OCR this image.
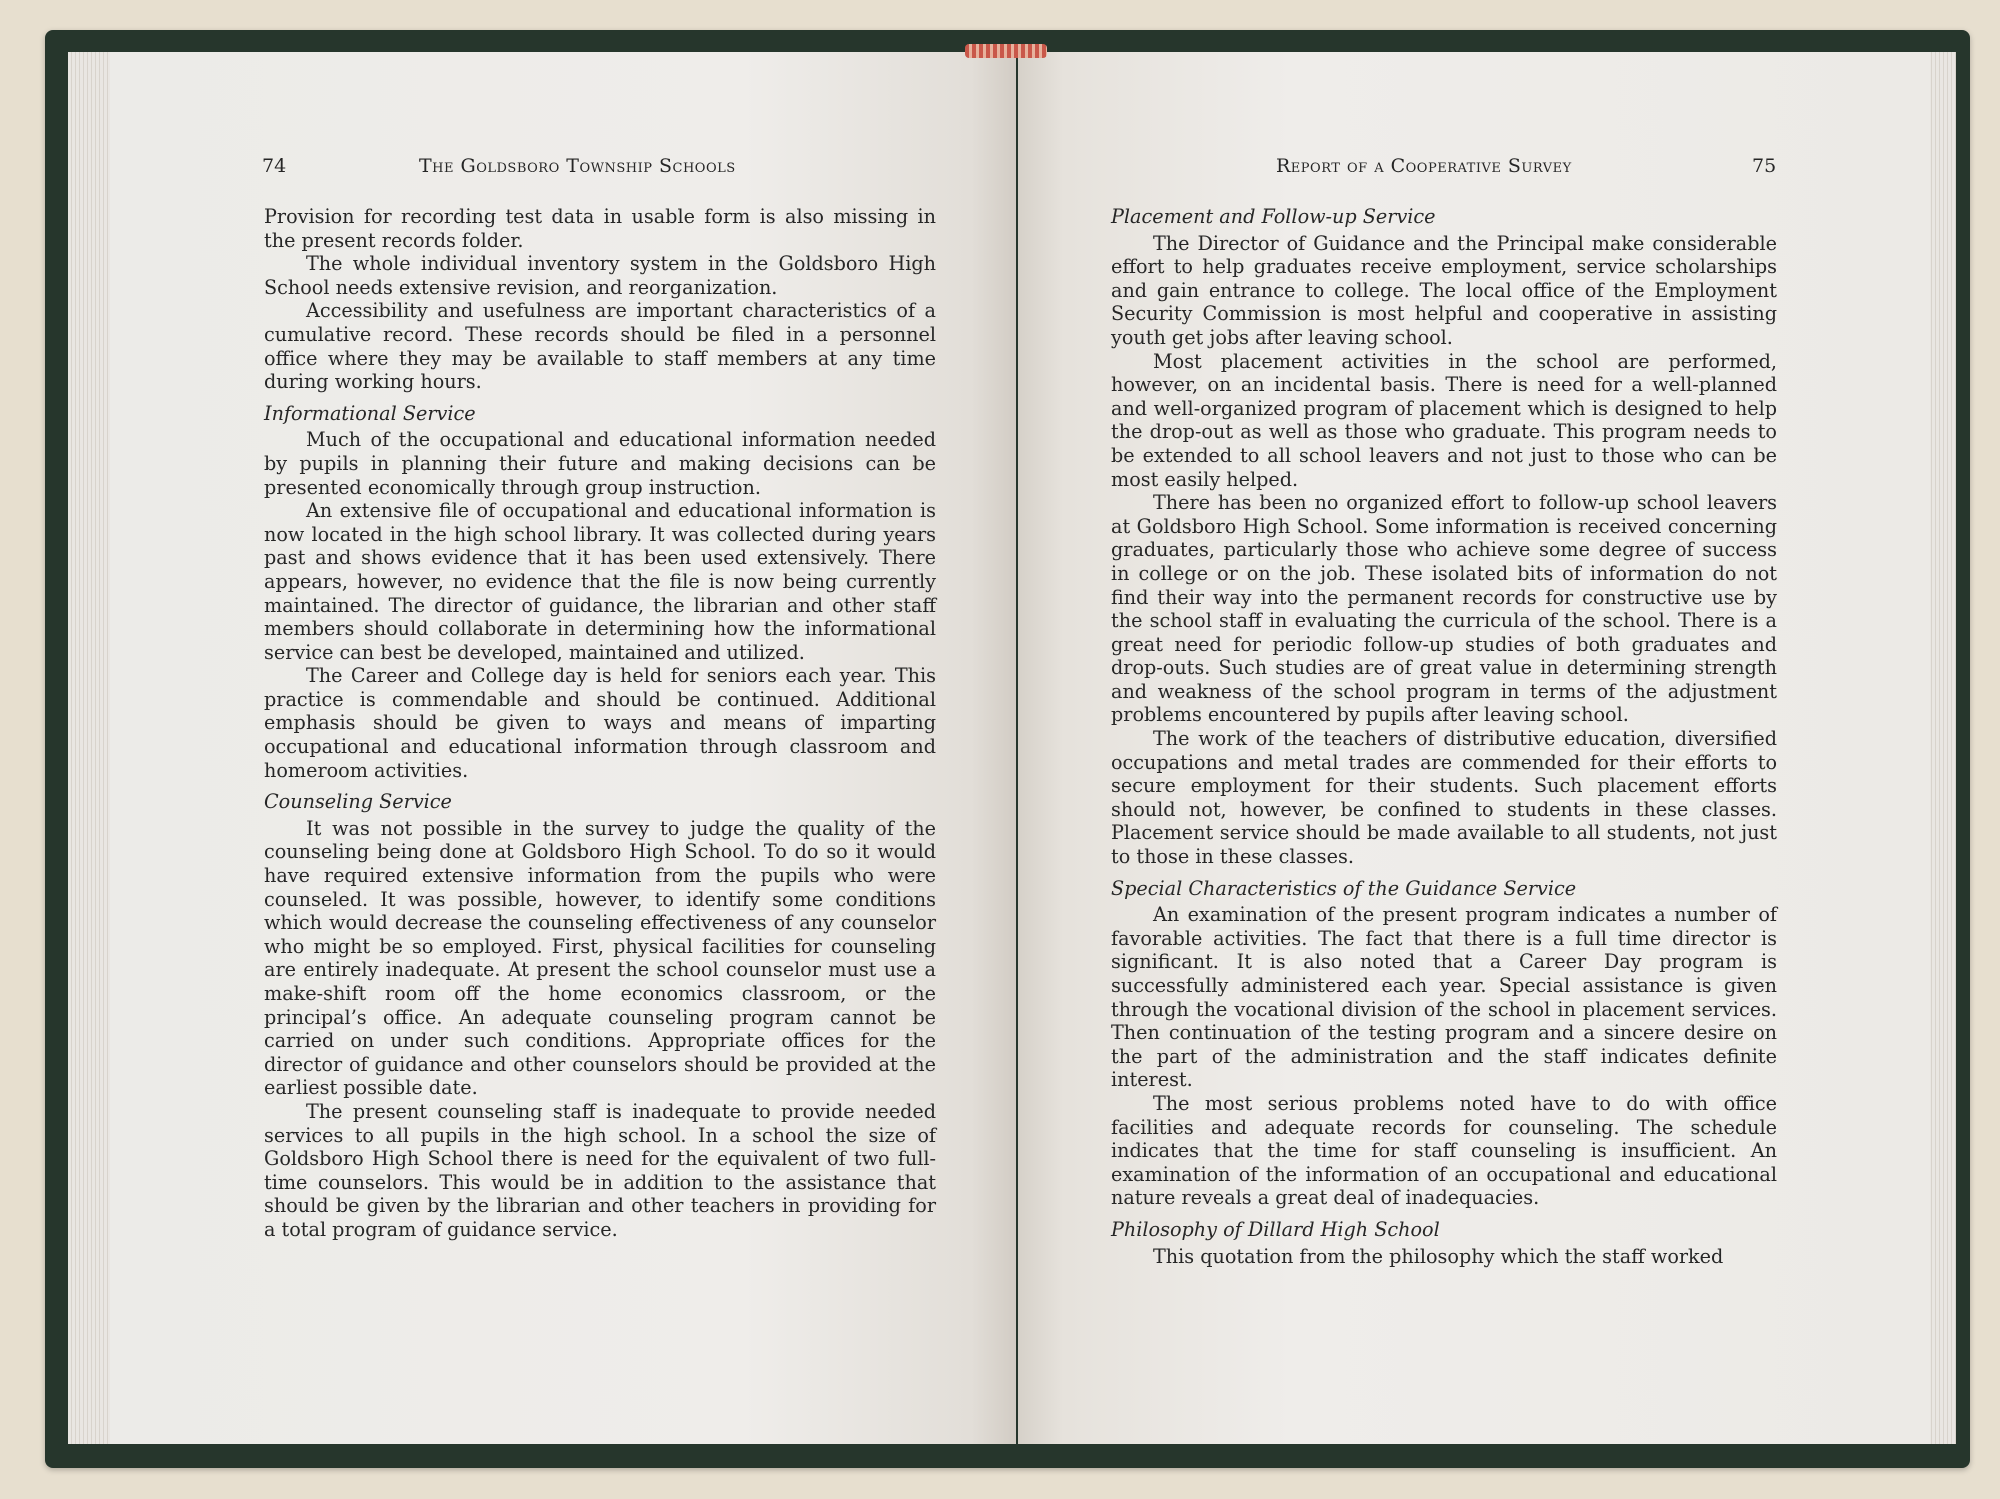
74	The Goldsboro Township Schools

Provision for recording test data in usable form is also missing in the present records folder.

The whole individual inventory system in the Goldsboro High School needs extensive revision, and reorganization.

Accessibility and usefulness are important characteristics of a cumulative record. These records should be filed in a personnel office where they may be available to staff members at any time during working hours.

Informational Service

Much of the occupational and educational information needed by pupils in planning their future and making decisions can be presented economically through group instruction.

An extensive file of occupational and educational information is now located in the high school library. It was collected during years past and shows evidence that it has been used extensively. There appears, however, no evidence that the file is now being currently maintained. The director of guidance, the librarian and other staff members should collaborate in determining how the informational service can best be developed, maintained and utilized.

The Career and College day is held for seniors each year. This practice is commendable and should be continued. Additional emphasis should be given to ways and means of imparting occupational and educational information through classroom and homeroom activities.

Counseling Service

It was not possible in the survey to judge the quality of the counseling being done at Goldsboro High School. To do so it would have required extensive information from the pupils who were counseled. It was possible, however, to identify some conditions which would decrease the counseling effectiveness of any counselor who might be so employed. First, physical facilities for counseling are entirely inadequate. At present the school counselor must use a make-shift room off the home economics classroom, or the principal’s office. An adequate counseling program cannot be carried on under such conditions. Appropriate offices for the director of guidance and other counselors should be provided at the earliest possible date.

The present counseling staff is inadequate to provide needed services to all pupils in the high school. In a school the size of Goldsboro High School there is need for the equivalent of two full-time counselors. This would be in addition to the assistance that should be given by the librarian and other teachers in providing for a total program of guidance service.

Report of a Cooperative Survey	75
Placement and Follow-up Service

The Director of Guidance and the Principal make considerable effort to help graduates receive employment, service scholarships and gain entrance to college. The local office of the Employment Security Commission is most helpful and cooperative in assisting youth get jobs after leaving school.

Most placement activities in the school are performed, however, on an incidental basis. There is need for a well-planned and well-organized program of placement which is designed to help the drop-out as well as those who graduate. This program needs to be extended to all school leavers and not just to those who can be most easily helped.

There has been no organized effort to follow-up school leavers at Goldsboro High School. Some information is received concerning graduates, particularly those who achieve some degree of success in college or on the job. These isolated bits of information do not find their way into the permanent records for constructive use by the school staff in evaluating the curricula of the school. There is a great need for periodic follow-up studies of both graduates and drop-outs. Such studies are of great value in determining strength and weakness of the school program in terms of the adjustment problems encountered by pupils after leaving school.

The work of the teachers of distributive education, diversified occupations and metal trades are commended for their efforts to secure employment for their students. Such placement efforts should not, however, be confined to students in these classes. Placement service should be made available to all students, not just to those in these classes.

Special Characteristics of the Guidance Service

An examination of the present program indicates a number of favorable activities. The fact that there is a full time director is significant. It is also noted that a Career Day program is successfully administered each year. Special assistance is given through the vocational division of the school in placement services. Then continuation of the testing program and a sincere desire on the part of the administration and the staff indicates definite interest.

The most serious problems noted have to do with office facilities and adequate records for counseling. The schedule indicates that the time for staff counseling is insufficient. An examination of the information of an occupational and educational nature reveals a great deal of inadequacies.

Philosophy of Dillard High School

This quotation from the philosophy which the staff worked
